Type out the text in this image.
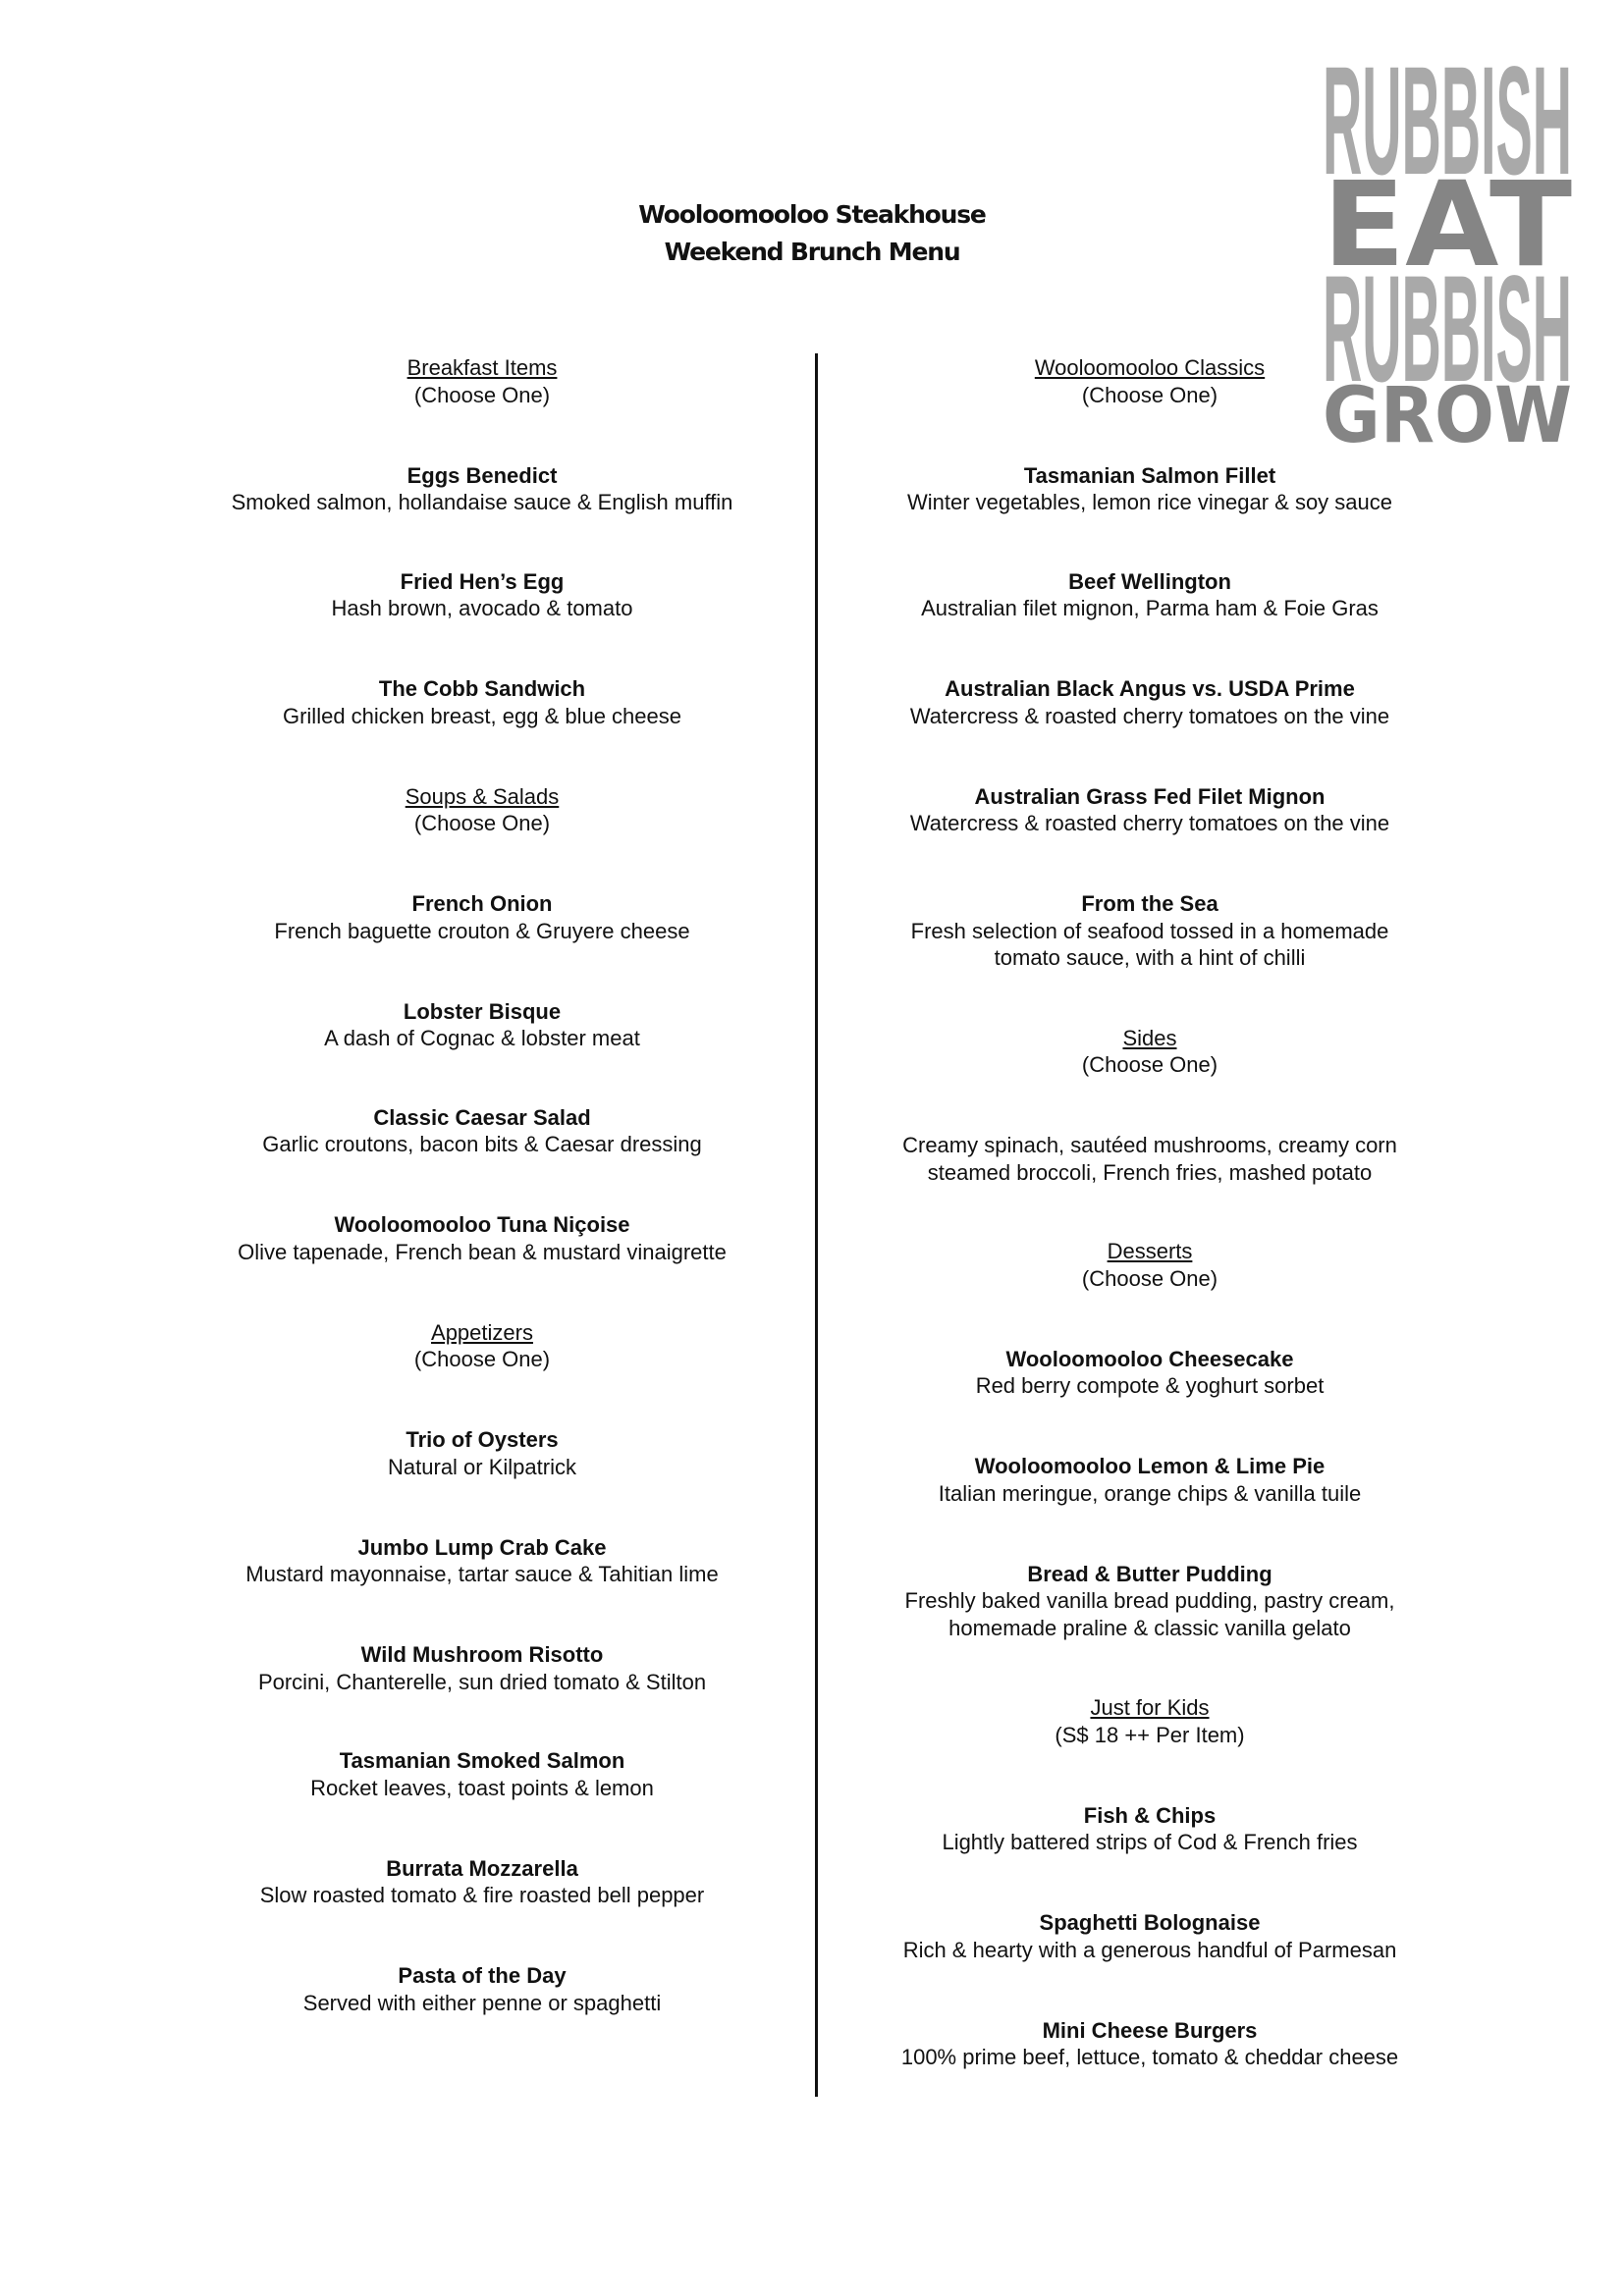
Wooloomooloo Steakhouse
Weekend Brunch Menu
RUBBISH
EAT
RUBBISH
GROW
Breakfast Items
(Choose One)
Eggs Benedict
Smoked salmon, hollandaise sauce & English muffin
Fried Hen’s Egg
Hash brown, avocado & tomato
The Cobb Sandwich
Grilled chicken breast, egg & blue cheese
Soups & Salads
(Choose One)
French Onion
French baguette crouton & Gruyere cheese
Lobster Bisque
A dash of Cognac & lobster meat
Classic Caesar Salad
Garlic croutons, bacon bits & Caesar dressing
Wooloomooloo Tuna Niçoise
Olive tapenade, French bean & mustard vinaigrette
Appetizers
(Choose One)
Trio of Oysters
Natural or Kilpatrick
Jumbo Lump Crab Cake
Mustard mayonnaise, tartar sauce & Tahitian lime
Wild Mushroom Risotto
Porcini, Chanterelle, sun dried tomato & Stilton
Tasmanian Smoked Salmon
Rocket leaves, toast points & lemon
Burrata Mozzarella
Slow roasted tomato & fire roasted bell pepper
Pasta of the Day
Served with either penne or spaghetti
Wooloomooloo Classics
(Choose One)
Tasmanian Salmon Fillet
Winter vegetables, lemon rice vinegar & soy sauce
Beef Wellington
Australian filet mignon, Parma ham & Foie Gras
Australian Black Angus vs. USDA Prime
Watercress & roasted cherry tomatoes on the vine
Australian Grass Fed Filet Mignon
Watercress & roasted cherry tomatoes on the vine
From the Sea
Fresh selection of seafood tossed in a homemade
tomato sauce, with a hint of chilli
Sides
(Choose One)
Creamy spinach, sautéed mushrooms, creamy corn
steamed broccoli, French fries, mashed potato
Desserts
(Choose One)
Wooloomooloo Cheesecake
Red berry compote & yoghurt sorbet
Wooloomooloo Lemon & Lime Pie
Italian meringue, orange chips & vanilla tuile
Bread & Butter Pudding
Freshly baked vanilla bread pudding, pastry cream,
homemade praline & classic vanilla gelato
Just for Kids
(S$ 18 ++ Per Item)
Fish & Chips
Lightly battered strips of Cod & French fries
Spaghetti Bolognaise
Rich & hearty with a generous handful of Parmesan
Mini Cheese Burgers
100% prime beef, lettuce, tomato & cheddar cheese
